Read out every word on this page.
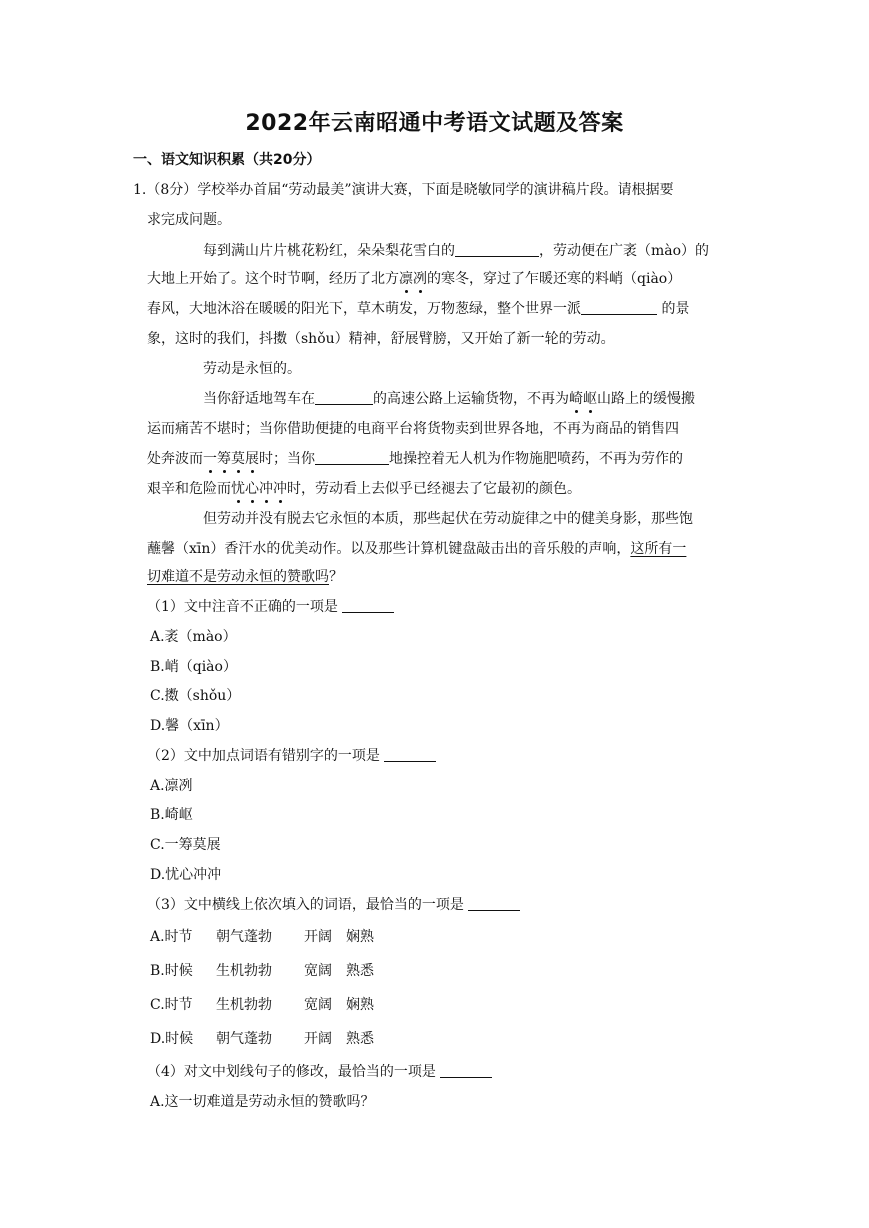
2022年云南昭通中考语文试题及答案
一、语文知识积累（共20分）
1.（8分）学校举办首届“劳动最美”演讲大赛，下面是晓敏同学的演讲稿片段。请根据要
求完成问题。
每到满山片片桃花粉红，朵朵梨花雪白的	，劳动便在广袤（mào）的
大地上开始了。这个时节啊，经历了北方凛冽的寒冬，穿过了乍暖还寒的料峭（qiào）
春风，大地沐浴在暖暖的阳光下，草木萌发，万物葱绿，整个世界一派	的景
象，这时的我们，抖擞（shǒu）精神，舒展臂膀，又开始了新一轮的劳动。
劳动是永恒的。
当你舒适地驾车在	的高速公路上运输货物，不再为崎岖山路上的缓慢搬
运而痛苦不堪时；当你借助便捷的电商平台将货物卖到世界各地，不再为商品的销售四
处奔波而一筹莫展时；当你	地操控着无人机为作物施肥喷药，不再为劳作的
艰辛和危险而忧心冲冲时，劳动看上去似乎已经褪去了它最初的颜色。
但劳动并没有脱去它永恒的本质，那些起伏在劳动旋律之中的健美身影，那些饱
蘸馨（xīn）香汗水的优美动作。以及那些计算机键盘敲击出的音乐般的声响，这所有一
切难道不是劳动永恒的赞歌吗？
（1）文中注音不正确的一项是
A.袤（mào）
B.峭（qiào）
C.擞（shǒu）
D.馨（xīn）
（2）文中加点词语有错别字的一项是
A.凛冽
B.崎岖
C.一筹莫展
D.忧心冲冲
（3）文中横线上依次填入的词语，最恰当的一项是
A.时节 朝气蓬勃 开阔 娴熟
B.时候 生机勃勃 宽阔 熟悉
C.时节 生机勃勃 宽阔 娴熟
D.时候 朝气蓬勃 开阔 熟悉
（4）对文中划线句子的修改，最恰当的一项是
A.这一切难道是劳动永恒的赞歌吗？
